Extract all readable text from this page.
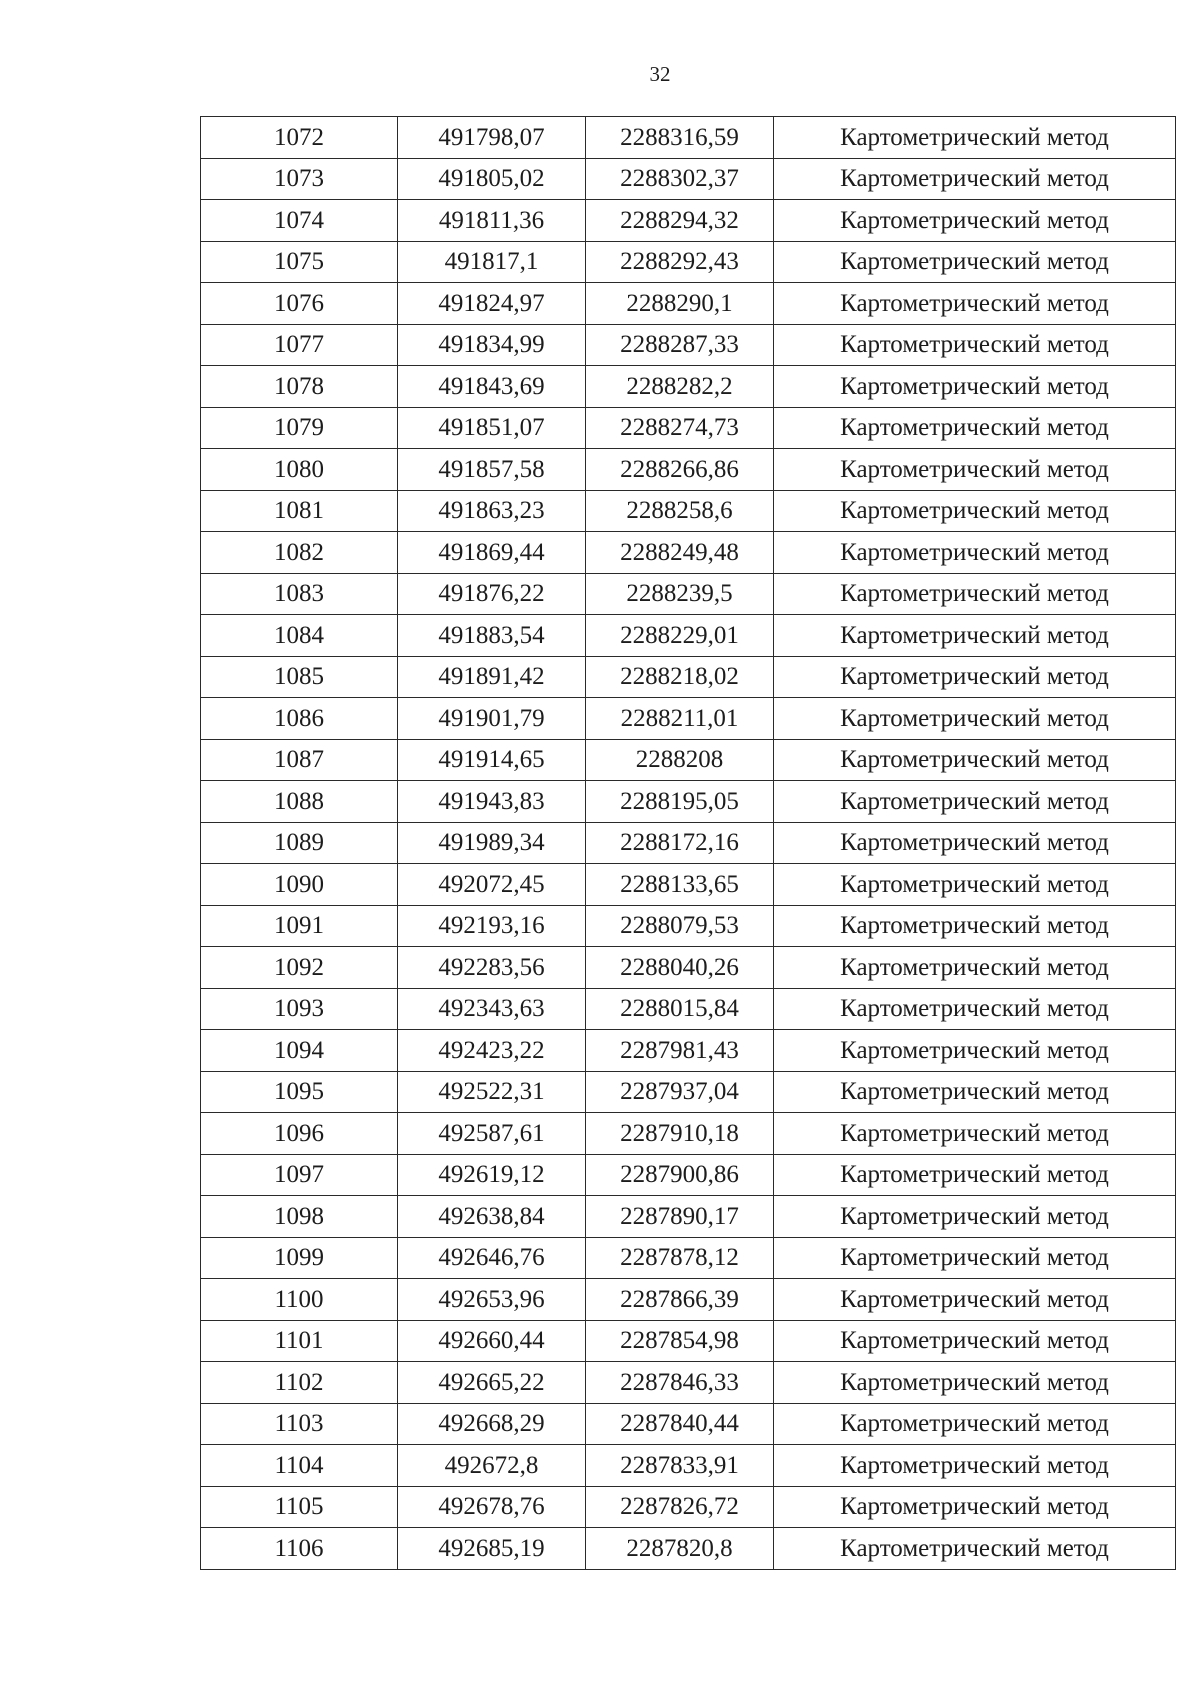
32
1072	491798,07	2288316,59	Картометрический метод
1073	491805,02	2288302,37	Картометрический метод
1074	491811,36	2288294,32	Картометрический метод
1075	491817,1	2288292,43	Картометрический метод
1076	491824,97	2288290,1	Картометрический метод
1077	491834,99	2288287,33	Картометрический метод
1078	491843,69	2288282,2	Картометрический метод
1079	491851,07	2288274,73	Картометрический метод
1080	491857,58	2288266,86	Картометрический метод
1081	491863,23	2288258,6	Картометрический метод
1082	491869,44	2288249,48	Картометрический метод
1083	491876,22	2288239,5	Картометрический метод
1084	491883,54	2288229,01	Картометрический метод
1085	491891,42	2288218,02	Картометрический метод
1086	491901,79	2288211,01	Картометрический метод
1087	491914,65	2288208	Картометрический метод
1088	491943,83	2288195,05	Картометрический метод
1089	491989,34	2288172,16	Картометрический метод
1090	492072,45	2288133,65	Картометрический метод
1091	492193,16	2288079,53	Картометрический метод
1092	492283,56	2288040,26	Картометрический метод
1093	492343,63	2288015,84	Картометрический метод
1094	492423,22	2287981,43	Картометрический метод
1095	492522,31	2287937,04	Картометрический метод
1096	492587,61	2287910,18	Картометрический метод
1097	492619,12	2287900,86	Картометрический метод
1098	492638,84	2287890,17	Картометрический метод
1099	492646,76	2287878,12	Картометрический метод
1100	492653,96	2287866,39	Картометрический метод
1101	492660,44	2287854,98	Картометрический метод
1102	492665,22	2287846,33	Картометрический метод
1103	492668,29	2287840,44	Картометрический метод
1104	492672,8	2287833,91	Картометрический метод
1105	492678,76	2287826,72	Картометрический метод
1106	492685,19	2287820,8	Картометрический метод
